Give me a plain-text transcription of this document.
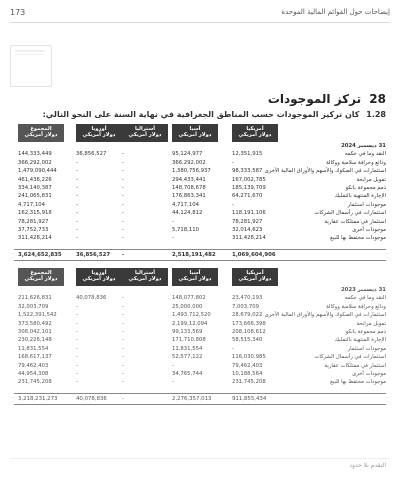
173	إيضاحات حول القوائم المالية الموحدة
28 تركز الموجودات
1.28 كان تركيز الموجودات حسب المناطق الجغرافية في نهاية السنة على النحو التالي:
أمريكيا
دولار أمريكي
آسيا
دولار أمريكي
أستراليا
دولار أمريكي
أوروبا
دولار أمريكي
المجموع
دولار أمريكي
31 ديسمبر 2024
النقد وما في حكمه
12,351,915
95,124,977
-
36,856,527
144,333,449
ودائع وحرافة سلامية ووكالة
-
366,292,002
-
-
366,292,002
استثمارات في الصكوك والأسهم والأوراق المالية الأخرى
98,333,587
1,380,756,937
-
-
1,479,090,444
تمويل مرابحة
167,002,785
294,433,441
-
-
461,436,226
ذمم مجموعة بانكو
185,139,709
148,708,678
-
-
334,140,387
الإجارة المنتهية بالتمليك
64,271,670
176,863,341
-
-
241,065,831
موجودات استثمار
-
4,717,104
-
-
4,717,104
استثمارات في رأسمال الشركات
118,191,106
44,124,812
-
-
162,315,918
استثمار في ممتلكات عقارية
78,281,927
-
-
-
78,281,927
موجودات أخرى
32,014,623
5,718,110
-
-
37,752,733
موجودات محتفظ بها للبيع
311,428,214
-
-
-
311,428,214
1,069,604,906
2,518,191,482
-
36,856,527
3,624,652,835
أمريكيا
دولار أمريكي
آسيا
دولار أمريكي
أستراليا
دولار أمريكي
أوروبا
دولار أمريكي
المجموع
دولار أمريكي
31 ديسمبر 2023
النقد وما في حكمه
23,470,193
148,077,802
-
40,078,836
211,626,831
ودائع وحرافة سلامية ووكالة
7,003,709
25,000,000
-
-
32,003,709
استثمارات في الصكوك والأسهم والأوراق المالية الأخرى
28,679,022
1,493,712,520
-
-
1,522,391,542
تمويل مرابحة
173,666,398
2,199,12,094
-
-
373,580,492
ذمم مجموعة بانكو
208,108,612
99,133,569
-
-
308,042,101
الإجارة المنتهية بالتمليك
58,515,340
171,710,808
-
-
230,226,148
موجودات استثمار
-
11,831,554
-
-
11,831,554
استثمارات في رأسمال الشركات
116,030,985
52,577,122
-
-
168,617,137
استثمار في ممتلكات عقارية
79,462,403
-
-
-
79,462,403
موجودات أخرى
10,188,564
34,765,744
-
-
44,954,308
موجودات محتفظ بها للبيع
231,745,208
-
-
-
231,745,208
911,855,434
2,276,357,013
-
40,078,836
3,218,231,273
التقدم بلا حدود
